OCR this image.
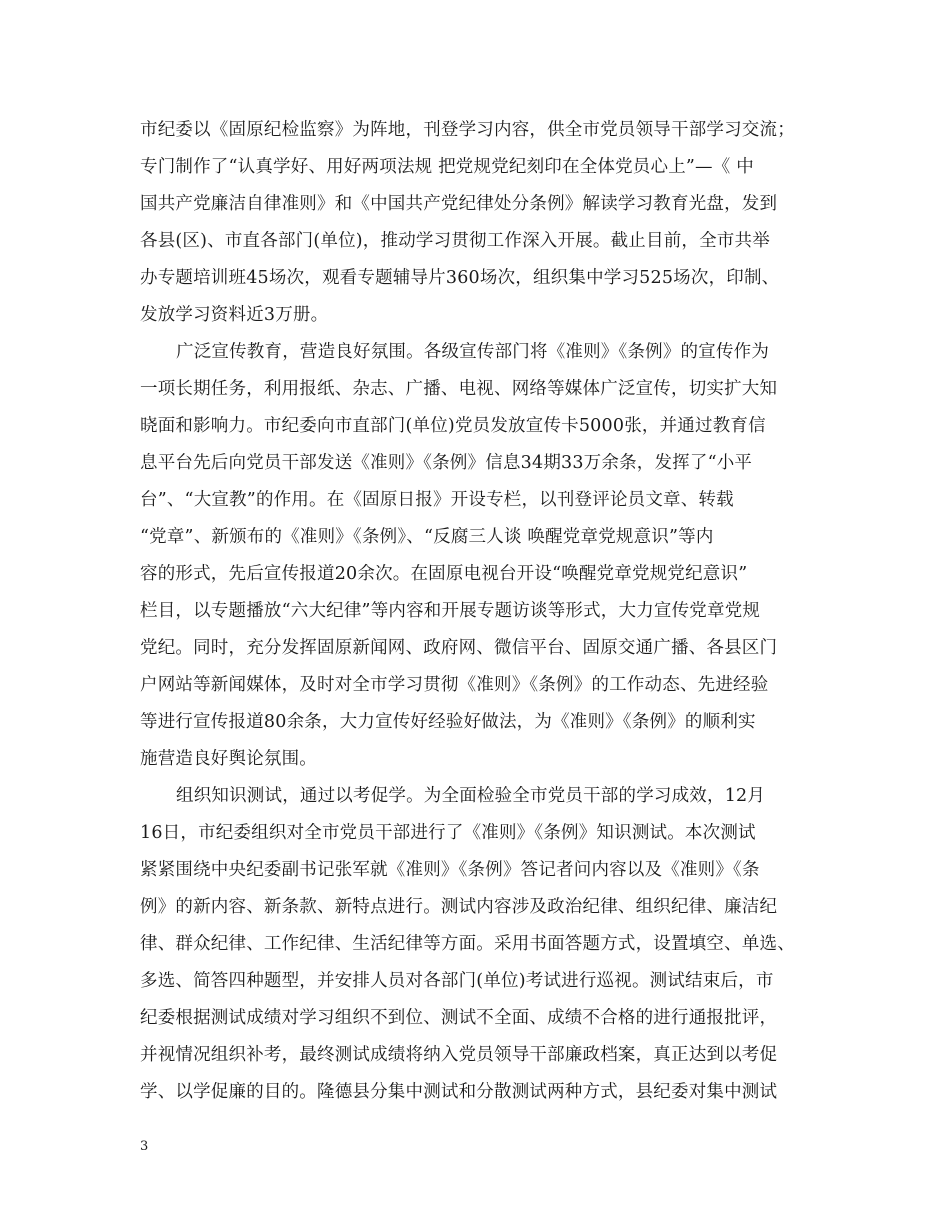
市纪委以《固原纪检监察》为阵地，刊登学习内容，供全市党员领导干部学习交流；
专门制作了“认真学好、用好两项法规 把党规党纪刻印在全体党员心上”—《 中
国共产党廉洁自律准则》和《中国共产党纪律处分条例》解读学习教育光盘，发到
各县(区)、市直各部门(单位)，推动学习贯彻工作深入开展。截止目前，全市共举
办专题培训班45场次，观看专题辅导片360场次，组织集中学习525场次，印制、
发放学习资料近3万册。
广泛宣传教育，营造良好氛围。各级宣传部门将《准则》《条例》的宣传作为
一项长期任务，利用报纸、杂志、广播、电视、网络等媒体广泛宣传，切实扩大知
晓面和影响力。市纪委向市直部门(单位)党员发放宣传卡5000张，并通过教育信
息平台先后向党员干部发送《准则》《条例》信息34期33万余条，发挥了“小平
台”、“大宣教”的作用。在《固原日报》开设专栏，以刊登评论员文章、转载
“党章”、新颁布的《准则》《条例》、“反腐三人谈 唤醒党章党规意识”等内
容的形式，先后宣传报道20余次。在固原电视台开设“唤醒党章党规党纪意识”
栏目，以专题播放“六大纪律”等内容和开展专题访谈等形式，大力宣传党章党规
党纪。同时，充分发挥固原新闻网、政府网、微信平台、固原交通广播、各县区门
户网站等新闻媒体，及时对全市学习贯彻《准则》《条例》的工作动态、先进经验
等进行宣传报道80余条，大力宣传好经验好做法，为《准则》《条例》的顺利实
施营造良好舆论氛围。
组织知识测试，通过以考促学。为全面检验全市党员干部的学习成效，12月
16日，市纪委组织对全市党员干部进行了《准则》《条例》知识测试。本次测试
紧紧围绕中央纪委副书记张军就《准则》《条例》答记者问内容以及《准则》《条
例》的新内容、新条款、新特点进行。测试内容涉及政治纪律、组织纪律、廉洁纪
律、群众纪律、工作纪律、生活纪律等方面。采用书面答题方式，设置填空、单选、
多选、简答四种题型，并安排人员对各部门(单位)考试进行巡视。测试结束后，市
纪委根据测试成绩对学习组织不到位、测试不全面、成绩不合格的进行通报批评，
并视情况组织补考，最终测试成绩将纳入党员领导干部廉政档案，真正达到以考促
学、以学促廉的目的。隆德县分集中测试和分散测试两种方式，县纪委对集中测试
3
